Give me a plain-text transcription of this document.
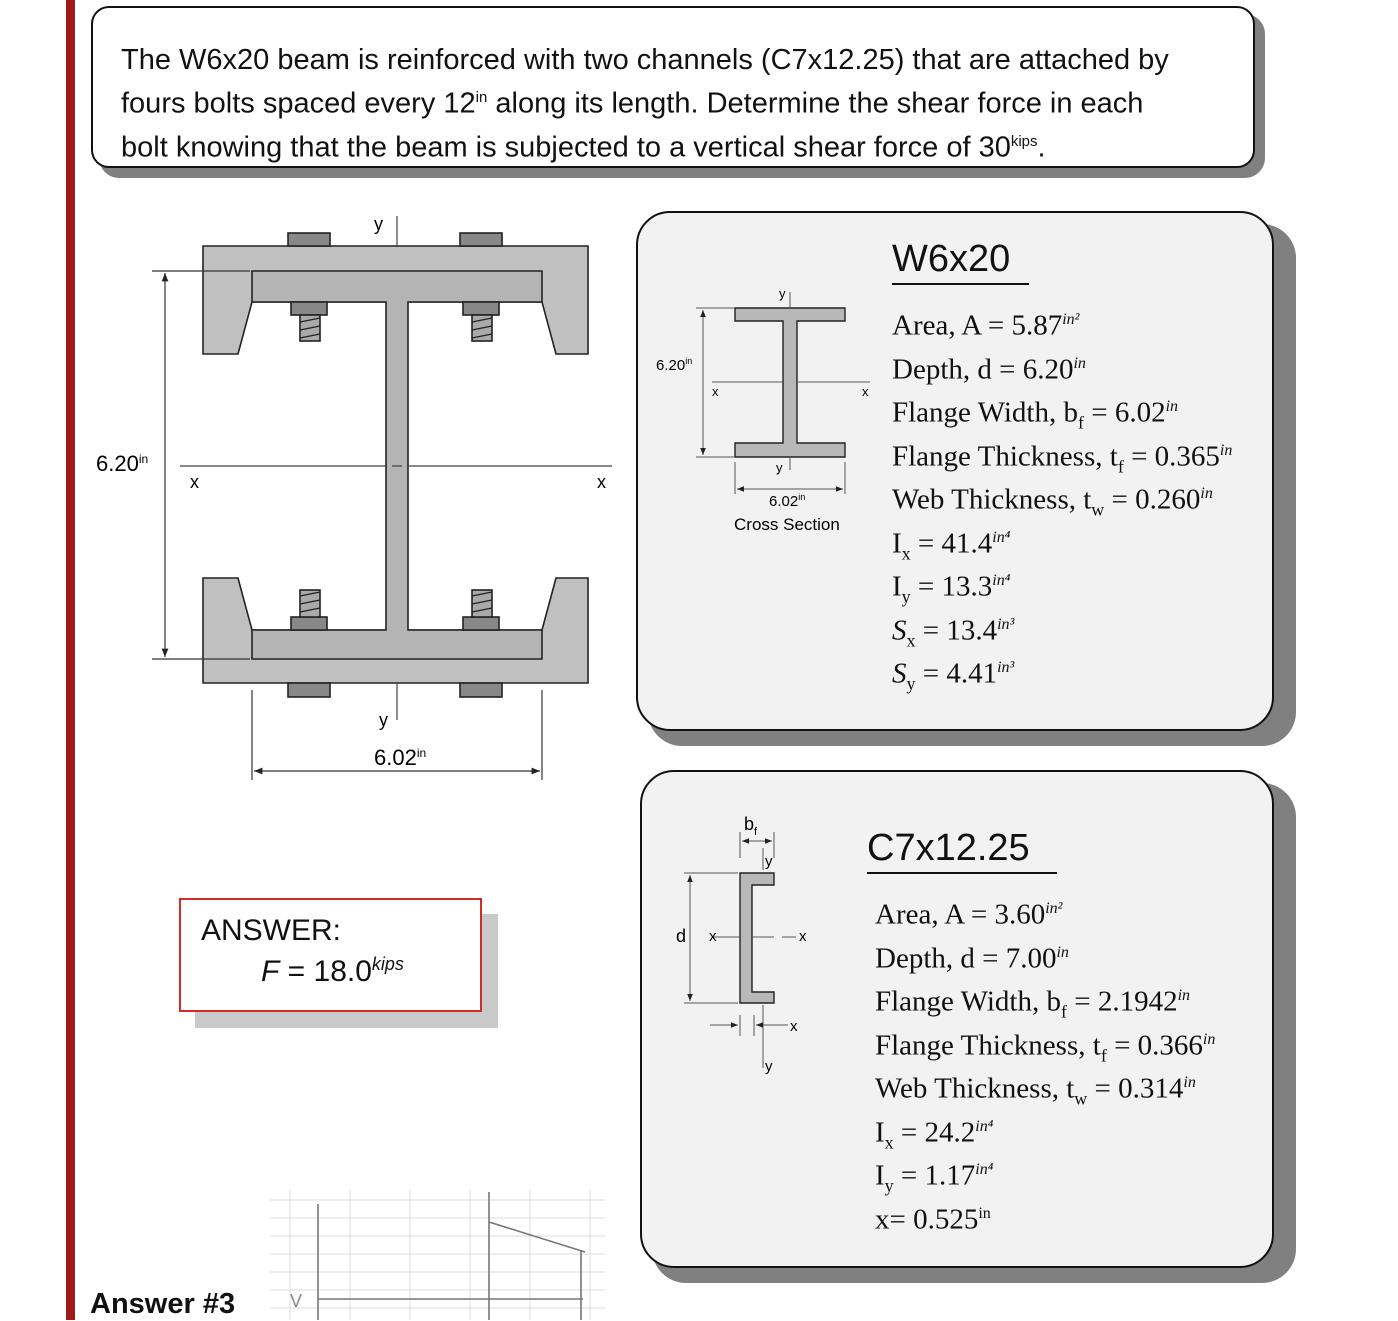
The W6x20 beam is reinforced with two channels (C7x12.25) that are attached by
fours bolts spaced every $12^{in}$ along its length. Determine the shear force in each
bolt knowing that the beam is subjected to a vertical shear force of $30^{kips}$.
W6x20
Area, $A = 5.87^{in^2}$
Depth, $d = 6.20^{in}$
Flange Width, $b_f = 6.02^{in}$
Flange Thickness, $t_f = 0.365^{in}$
Web Thickness, $t_w = 0.260^{in}$
$I_x = 41.4^{in^4}$
$I_y = 13.3^{in^4}$
$S_x = 13.4^{in^3}$
$S_y = 4.41^{in^3}$
C7x12.25
Area, $A = 3.60^{in^2}$
Depth, $d = 7.00^{in}$
Flange Width, $b_f = 2.1942^{in}$
Flange Thickness, $t_f = 0.366^{in}$
Web Thickness, $t_w = 0.314^{in}$
$I_x = 24.2^{in^4}$
$I_y = 1.17^{in^4}$
$x= 0.525^{in}$
y
y
x	x
$6.20^{in}$
$6.02^{in}$
y
y
x	x
$6.20^{in}$
$6.02^{in}$
Cross Section
$b_f$
y
y
d x	x
x
V
ANSWER:
$F = 18.0^{kips}$
Answer #3
